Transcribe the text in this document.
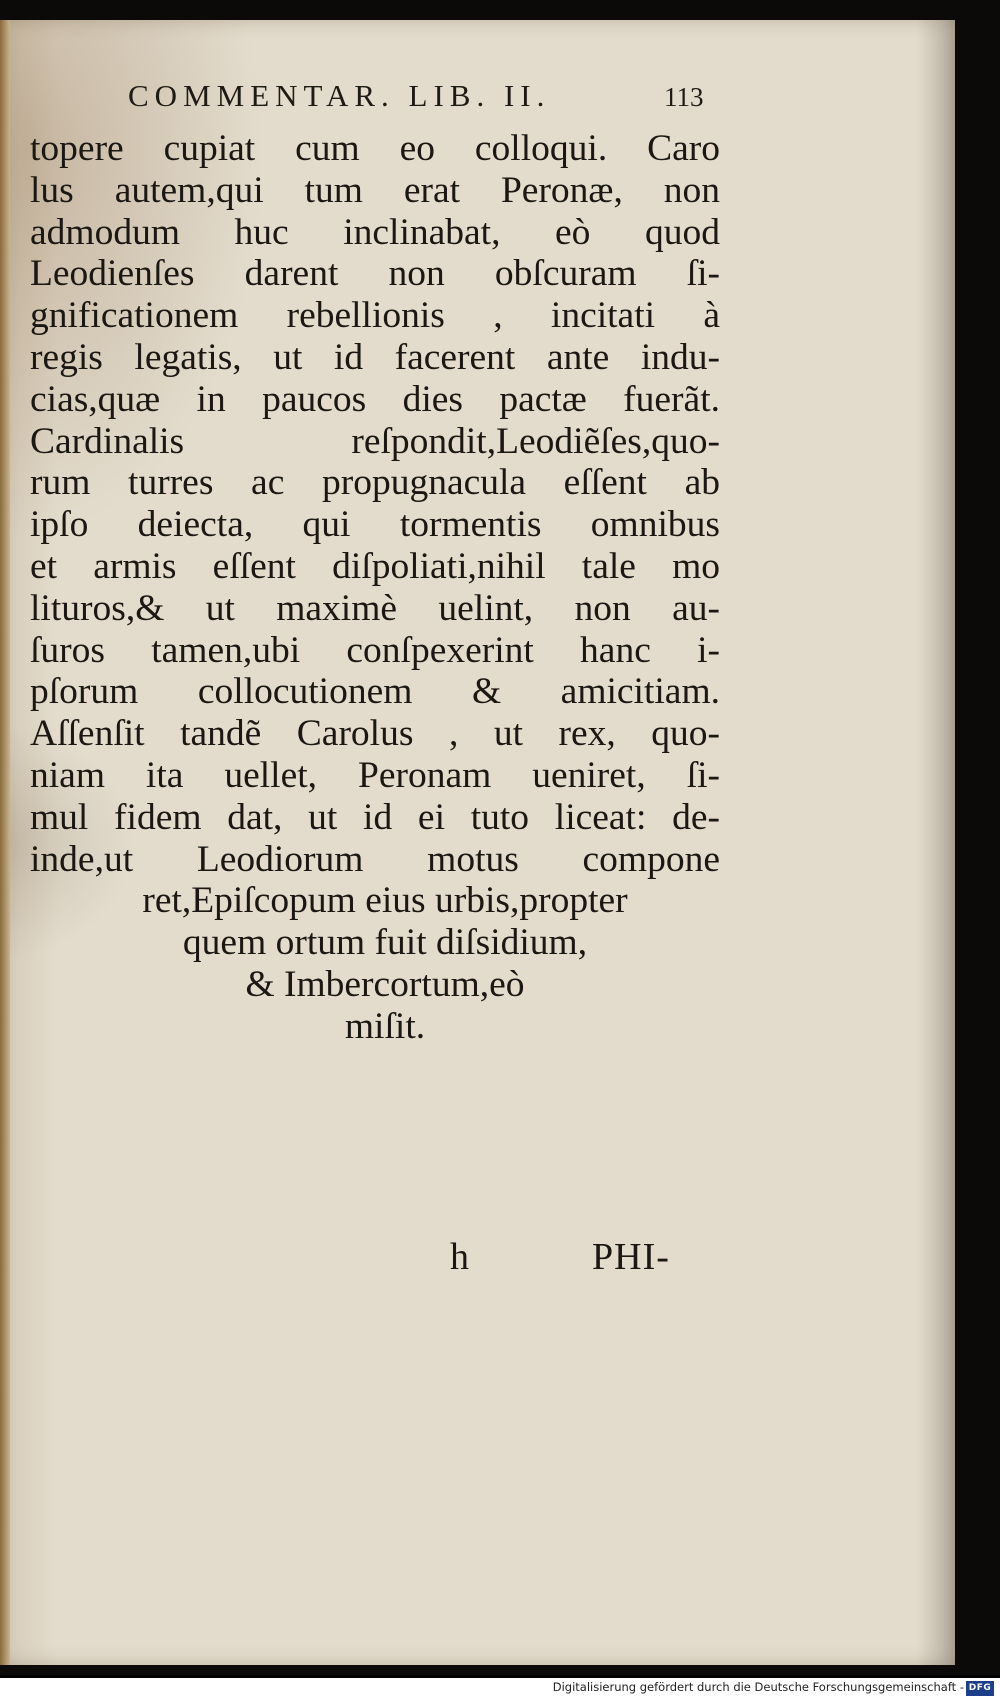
COMMENTAR. LIB. II.	113
topere cupiat cum eo colloqui. Caro
lus autem,qui tum erat Peronæ, non
admodum huc inclinabat, eò quod
Leodienſes darent non obſcuram ſi-
gnificationem rebellionis , incitati à
regis legatis, ut id facerent ante indu-
cias,quæ in paucos dies pactæ fuerãt.
Cardinalis reſpondit,Leodiẽſes,quo-
rum turres ac propugnacula eſſent ab
ipſo deiecta, qui tormentis omnibus
et armis eſſent diſpoliati,nihil tale mo
lituros,& ut maximè uelint, non au-
ſuros tamen,ubi conſpexerint hanc i-
pſorum collocutionem & amicitiam.
Aſſenſit tandẽ Carolus , ut rex, quo-
niam ita uellet, Peronam ueniret, ſi-
mul fidem dat, ut id ei tuto liceat: de-
inde,ut Leodiorum motus compone
ret,Epiſcopum eius urbis,propter
quem ortum fuit diſsidium,
& Imbercortum,eò
miſit.
h	PHI-
Digitalisierung gefördert durch die Deutsche Forschungsgemeinschaft - DFG
